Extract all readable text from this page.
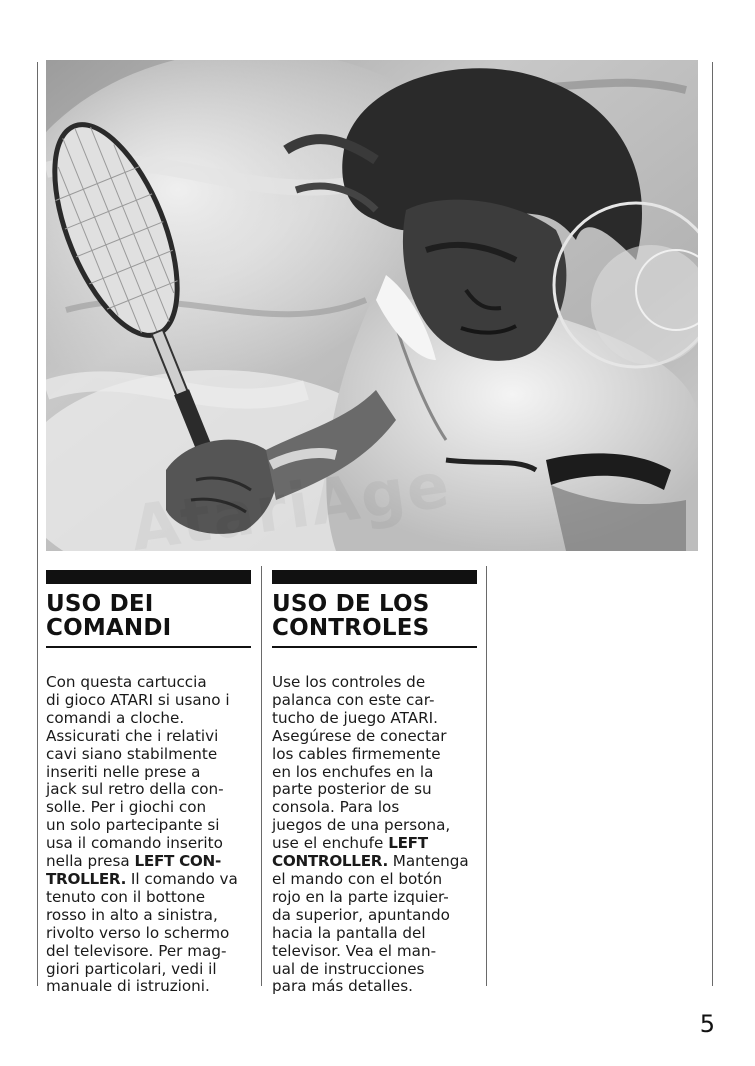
USO DEI
COMANDI
Con questa cartuccia
di gioco ATARI si usano i
comandi a cloche.
Assicurati che i relativi
cavi siano stabilmente
inseriti nelle prese a
jack sul retro della con-
solle. Per i giochi con
un solo partecipante si
usa il comando inserito
nella presa LEFT CON-
TROLLER. Il comando va
tenuto con il bottone
rosso in alto a sinistra,
rivolto verso lo schermo
del televisore. Per mag-
giori particolari, vedi il
manuale di istruzioni.
USO DE LOS
CONTROLES
Use los controles de
palanca con este car-
tucho de juego ATARI.
Asegúrese de conectar
los cables firmemente
en los enchufes en la
parte posterior de su
consola. Para los
juegos de una persona,
use el enchufe LEFT
CONTROLLER. Mantenga
el mando con el botón
rojo en la parte izquier-
da superior, apuntando
hacia la pantalla del
televisor. Vea el man-
ual de instrucciones
para más detalles.
5
